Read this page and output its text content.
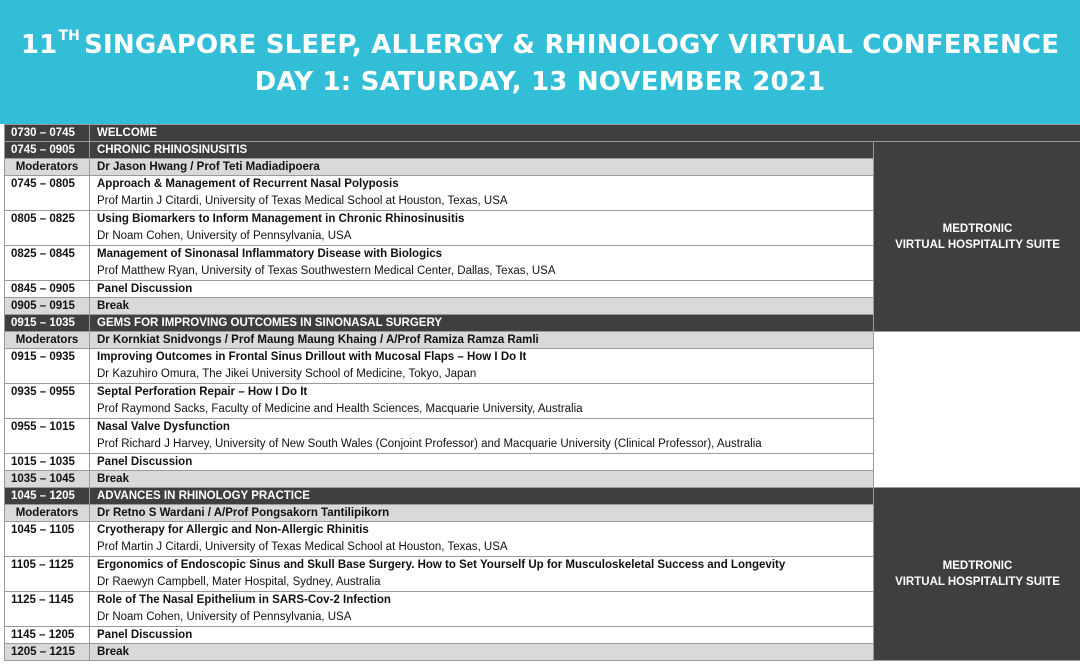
11TH SINGAPORE SLEEP, ALLERGY & RHINOLOGY VIRTUAL CONFERENCE
DAY 1: SATURDAY, 13 NOVEMBER 2021
0730 – 0745	WELCOME		
0745 – 0905	CHRONIC RHINOSINUSITIS	MEDTRONIC
VIRTUAL HOSPITALITY SUITE	

Moderators	Dr Jason Hwang / Prof Teti Madiadipoera		
0745 – 0805	Approach & Management of Recurrent Nasal Polyposis
Prof Martin J Citardi, University of Texas Medical School at Houston, Texas, USA		

0805 – 0825	Using Biomarkers to Inform Management in Chronic Rhinosinusitis
Dr Noam Cohen, University of Pennsylvania, USA		

0825 – 0845	Management of Sinonasal Inflammatory Disease with Biologics
Prof Matthew Ryan, University of Texas Southwestern Medical Center, Dallas, Texas, USA		

0845 – 0905	Panel Discussion		
0905 – 0915	Break		
0915 – 1035	GEMS FOR IMPROVING OUTCOMES IN SINONASAL SURGERY	

Moderators	Dr Kornkiat Snidvongs / Prof Maung Maung Khaing / A/Prof Ramiza Ramza Ramli		
0915 – 0935	Improving Outcomes in Frontal Sinus Drillout with Mucosal Flaps – How I Do It
Dr Kazuhiro Omura, The Jikei University School of Medicine, Tokyo, Japan		

0935 – 0955	Septal Perforation Repair – How I Do It
Prof Raymond Sacks, Faculty of Medicine and Health Sciences, Macquarie University, Australia		

0955 – 1015	Nasal Valve Dysfunction
Prof Richard J Harvey, University of New South Wales (Conjoint Professor) and Macquarie University (Clinical Professor), Australia		

1015 – 1035	Panel Discussion		
1035 – 1045	Break		
1045 – 1205	ADVANCES IN RHINOLOGY PRACTICE	MEDTRONIC
VIRTUAL HOSPITALITY SUITE	

Moderators	Dr Retno S Wardani / A/Prof Pongsakorn Tantilipikorn		
1045 – 1105	Cryotherapy for Allergic and Non-Allergic Rhinitis
Prof Martin J Citardi, University of Texas Medical School at Houston, Texas, USA		

1105 – 1125	Ergonomics of Endoscopic Sinus and Skull Base Surgery. How to Set Yourself Up for Musculoskeletal Success and Longevity
Dr Raewyn Campbell, Mater Hospital, Sydney, Australia		

1125 – 1145	Role of The Nasal Epithelium in SARS-Cov-2 Infection
Dr Noam Cohen, University of Pennsylvania, USA		

1145 – 1205	Panel Discussion		
1205 – 1215	Break		
